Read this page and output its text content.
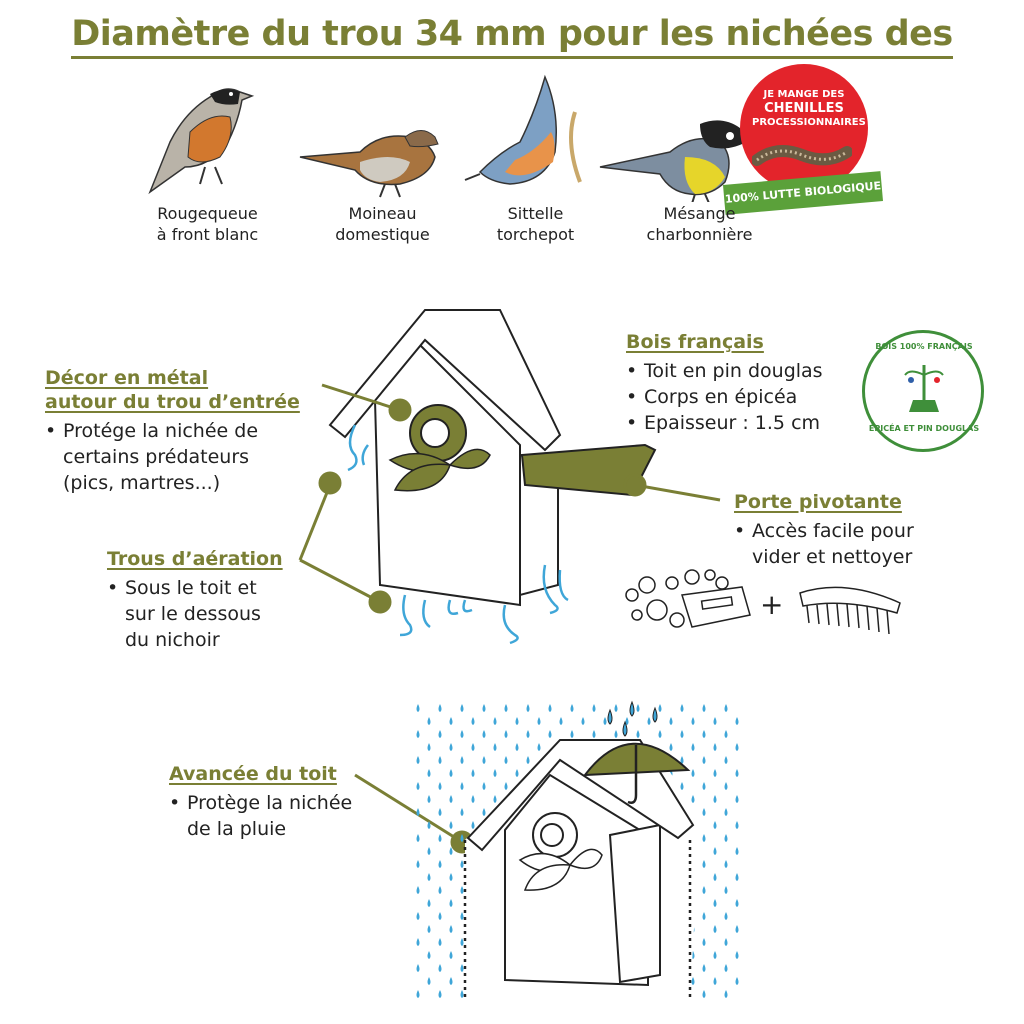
Diamètre du trou 34 mm pour les nichées des
JE MANGE DES
CHENILLES
PROCESSIONNAIRES
100% LUTTE BIOLOGIQUE
Rougequeue
à front blanc
Moineau
domestique
Sittelle
torchepot
Mésange
charbonnière
Décor en métal
autour du trou d’entrée
• Protége la nichée de
certains prédateurs
(pics, martres...)
Trous d’aération
• Sous le toit et
sur le dessous
du nichoir
Bois français
• Toit en pin douglas
• Corps en épicéa
• Epaisseur : 1.5 cm
BOIS 100% FRANÇAIS
ÉPICÉA ET PIN DOUGLAS
Porte pivotante
• Accès facile pour
vider et nettoyer
+
Avancée du toit
• Protège la nichée
de la pluie
